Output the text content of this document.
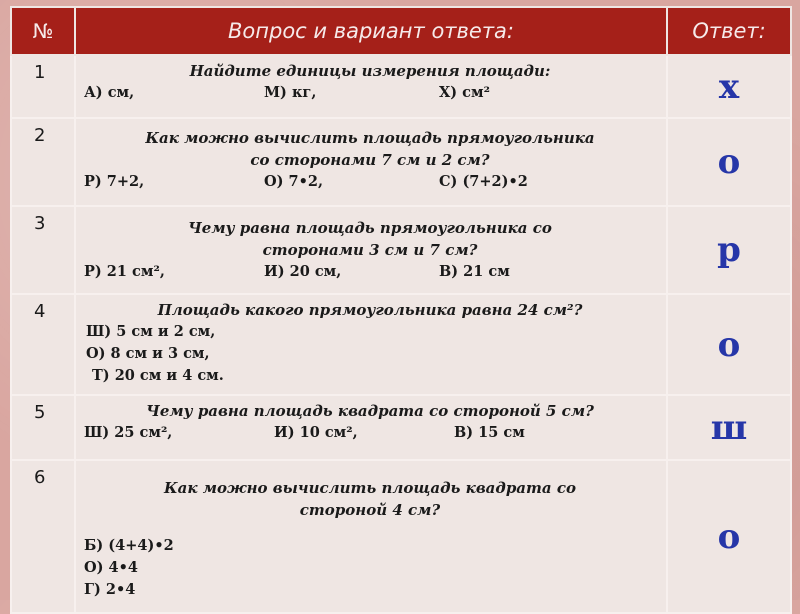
№	Вопрос и вариант ответа:	Ответ:
1	Найдите единицы измерения площади:
А) см, М) кг, Х) см²	х
2	Как можно вычислить площадь прямоугольника
со сторонами 7 см и 2 см?
Р) 7+2, О) 7•2, С) (7+2)•2	о
3	Чему равна площадь прямоугольника со
сторонами 3 см и 7 см?
Р) 21 см², И) 20 см, В) 21 см	р
4	Площадь какого прямоугольника равна 24 см²?
Ш) 5 см и 2 см,
О) 8 см и 3 см,
Т) 20 см и 4 см.	о
5	Чему равна площадь квадрата со стороной 5 см?
Ш) 25 см², И) 10 см², В) 15 см	ш
6	Как можно вычислить площадь квадрата со
стороной 4 см?
Б) (4+4)•2
О) 4•4
Г) 2•4	о
